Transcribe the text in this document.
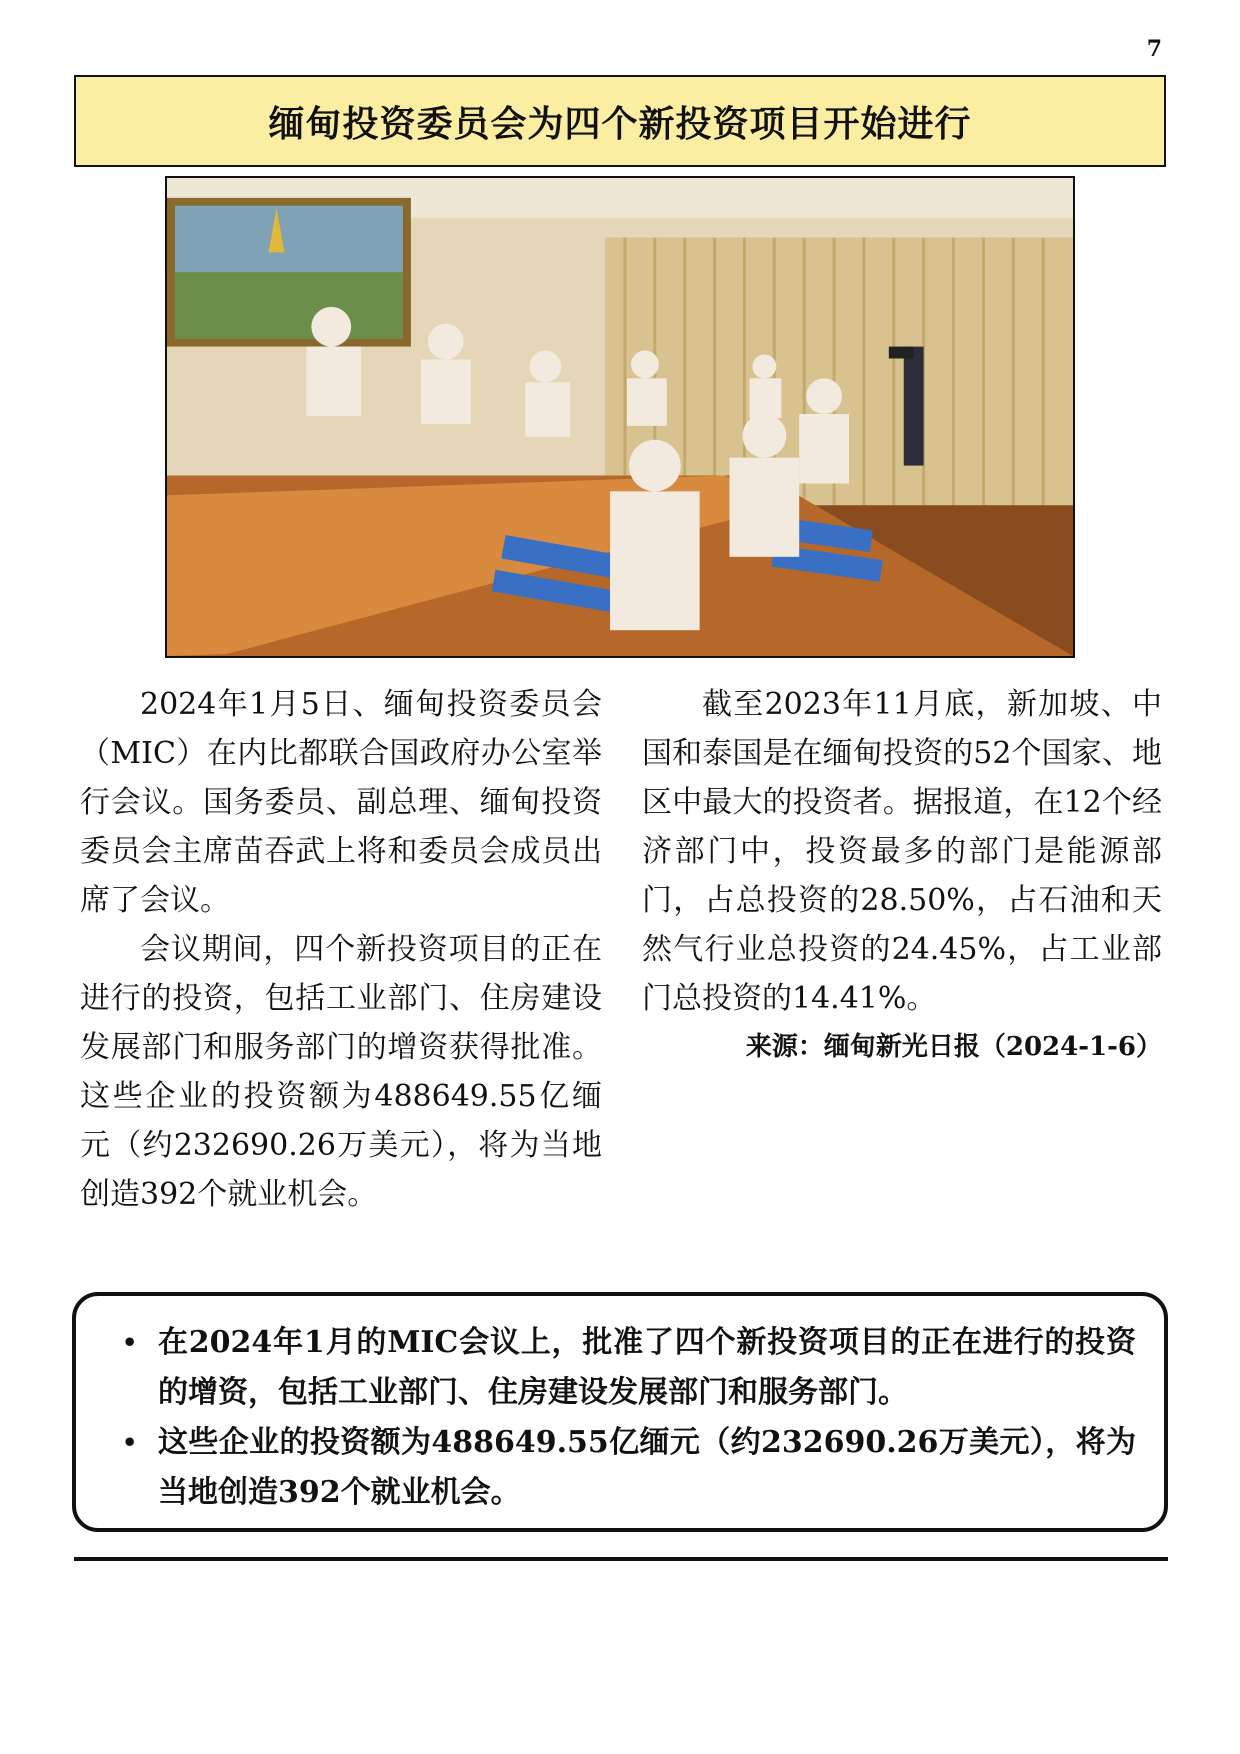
7
缅甸投资委员会为四个新投资项目开始进行

2024年1月5日、缅甸投资委员会（MIC）在内比都联合国政府办公室举行会议。国务委员、副总理、缅甸投资委员会主席苗吞武上将和委员会成员出席了会议。

会议期间，四个新投资项目的正在进行的投资，包括工业部门、住房建设发展部门和服务部门的增资获得批准。这些企业的投资额为488649.55亿缅元（约232690.26万美元），将为当地创造392个就业机会。

截至2023年11月底，新加坡、中国和泰国是在缅甸投资的52个国家、地区中最大的投资者。据报道，在12个经济部门中，投资最多的部门是能源部门，占总投资的28.50%，占石油和天然气行业总投资的24.45%，占工业部门总投资的14.41%。

来源：缅甸新光日报（2024-1-6）

• 在2024年1月的MIC会议上，批准了四个新投资项目的正在进行的投资的增资，包括工业部门、住房建设发展部门和服务部门。
• 这些企业的投资额为488649.55亿缅元（约232690.26万美元），将为当地创造392个就业机会。
